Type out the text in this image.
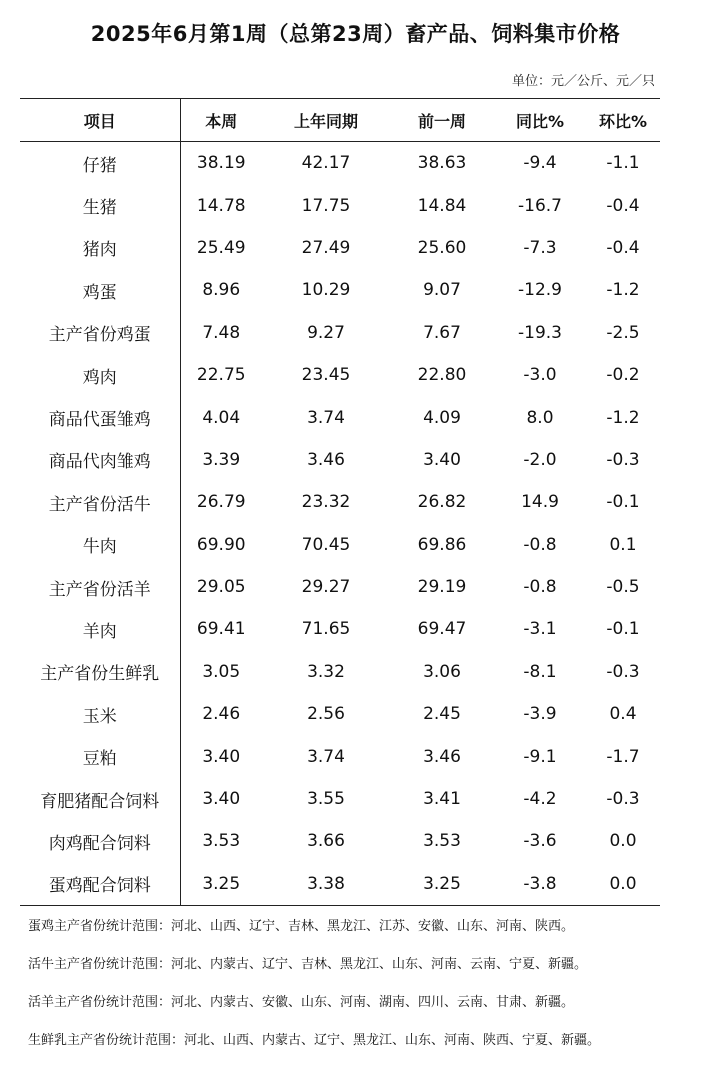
2025年6月第1周（总第23周）畜产品、饲料集市价格
单位：元／公斤、元／只
项目	本周	上年同期	前一周	同比%	环比%
仔猪	38.19	42.17	38.63	-9.4	-1.1
生猪	14.78	17.75	14.84	-16.7	-0.4
猪肉	25.49	27.49	25.60	-7.3	-0.4
鸡蛋	8.96	10.29	9.07	-12.9	-1.2
主产省份鸡蛋	7.48	9.27	7.67	-19.3	-2.5
鸡肉	22.75	23.45	22.80	-3.0	-0.2
商品代蛋雏鸡	4.04	3.74	4.09	8.0	-1.2
商品代肉雏鸡	3.39	3.46	3.40	-2.0	-0.3
主产省份活牛	26.79	23.32	26.82	14.9	-0.1
牛肉	69.90	70.45	69.86	-0.8	0.1
主产省份活羊	29.05	29.27	29.19	-0.8	-0.5
羊肉	69.41	71.65	69.47	-3.1	-0.1
主产省份生鲜乳	3.05	3.32	3.06	-8.1	-0.3
玉米	2.46	2.56	2.45	-3.9	0.4
豆粕	3.40	3.74	3.46	-9.1	-1.7
育肥猪配合饲料	3.40	3.55	3.41	-4.2	-0.3
肉鸡配合饲料	3.53	3.66	3.53	-3.6	0.0
蛋鸡配合饲料	3.25	3.38	3.25	-3.8	0.0
蛋鸡主产省份统计范围：河北、山西、辽宁、吉林、黑龙江、江苏、安徽、山东、河南、陕西。
活牛主产省份统计范围：河北、内蒙古、辽宁、吉林、黑龙江、山东、河南、云南、宁夏、新疆。
活羊主产省份统计范围：河北、内蒙古、安徽、山东、河南、湖南、四川、云南、甘肃、新疆。
生鲜乳主产省份统计范围：河北、山西、内蒙古、辽宁、黑龙江、山东、河南、陕西、宁夏、新疆。
